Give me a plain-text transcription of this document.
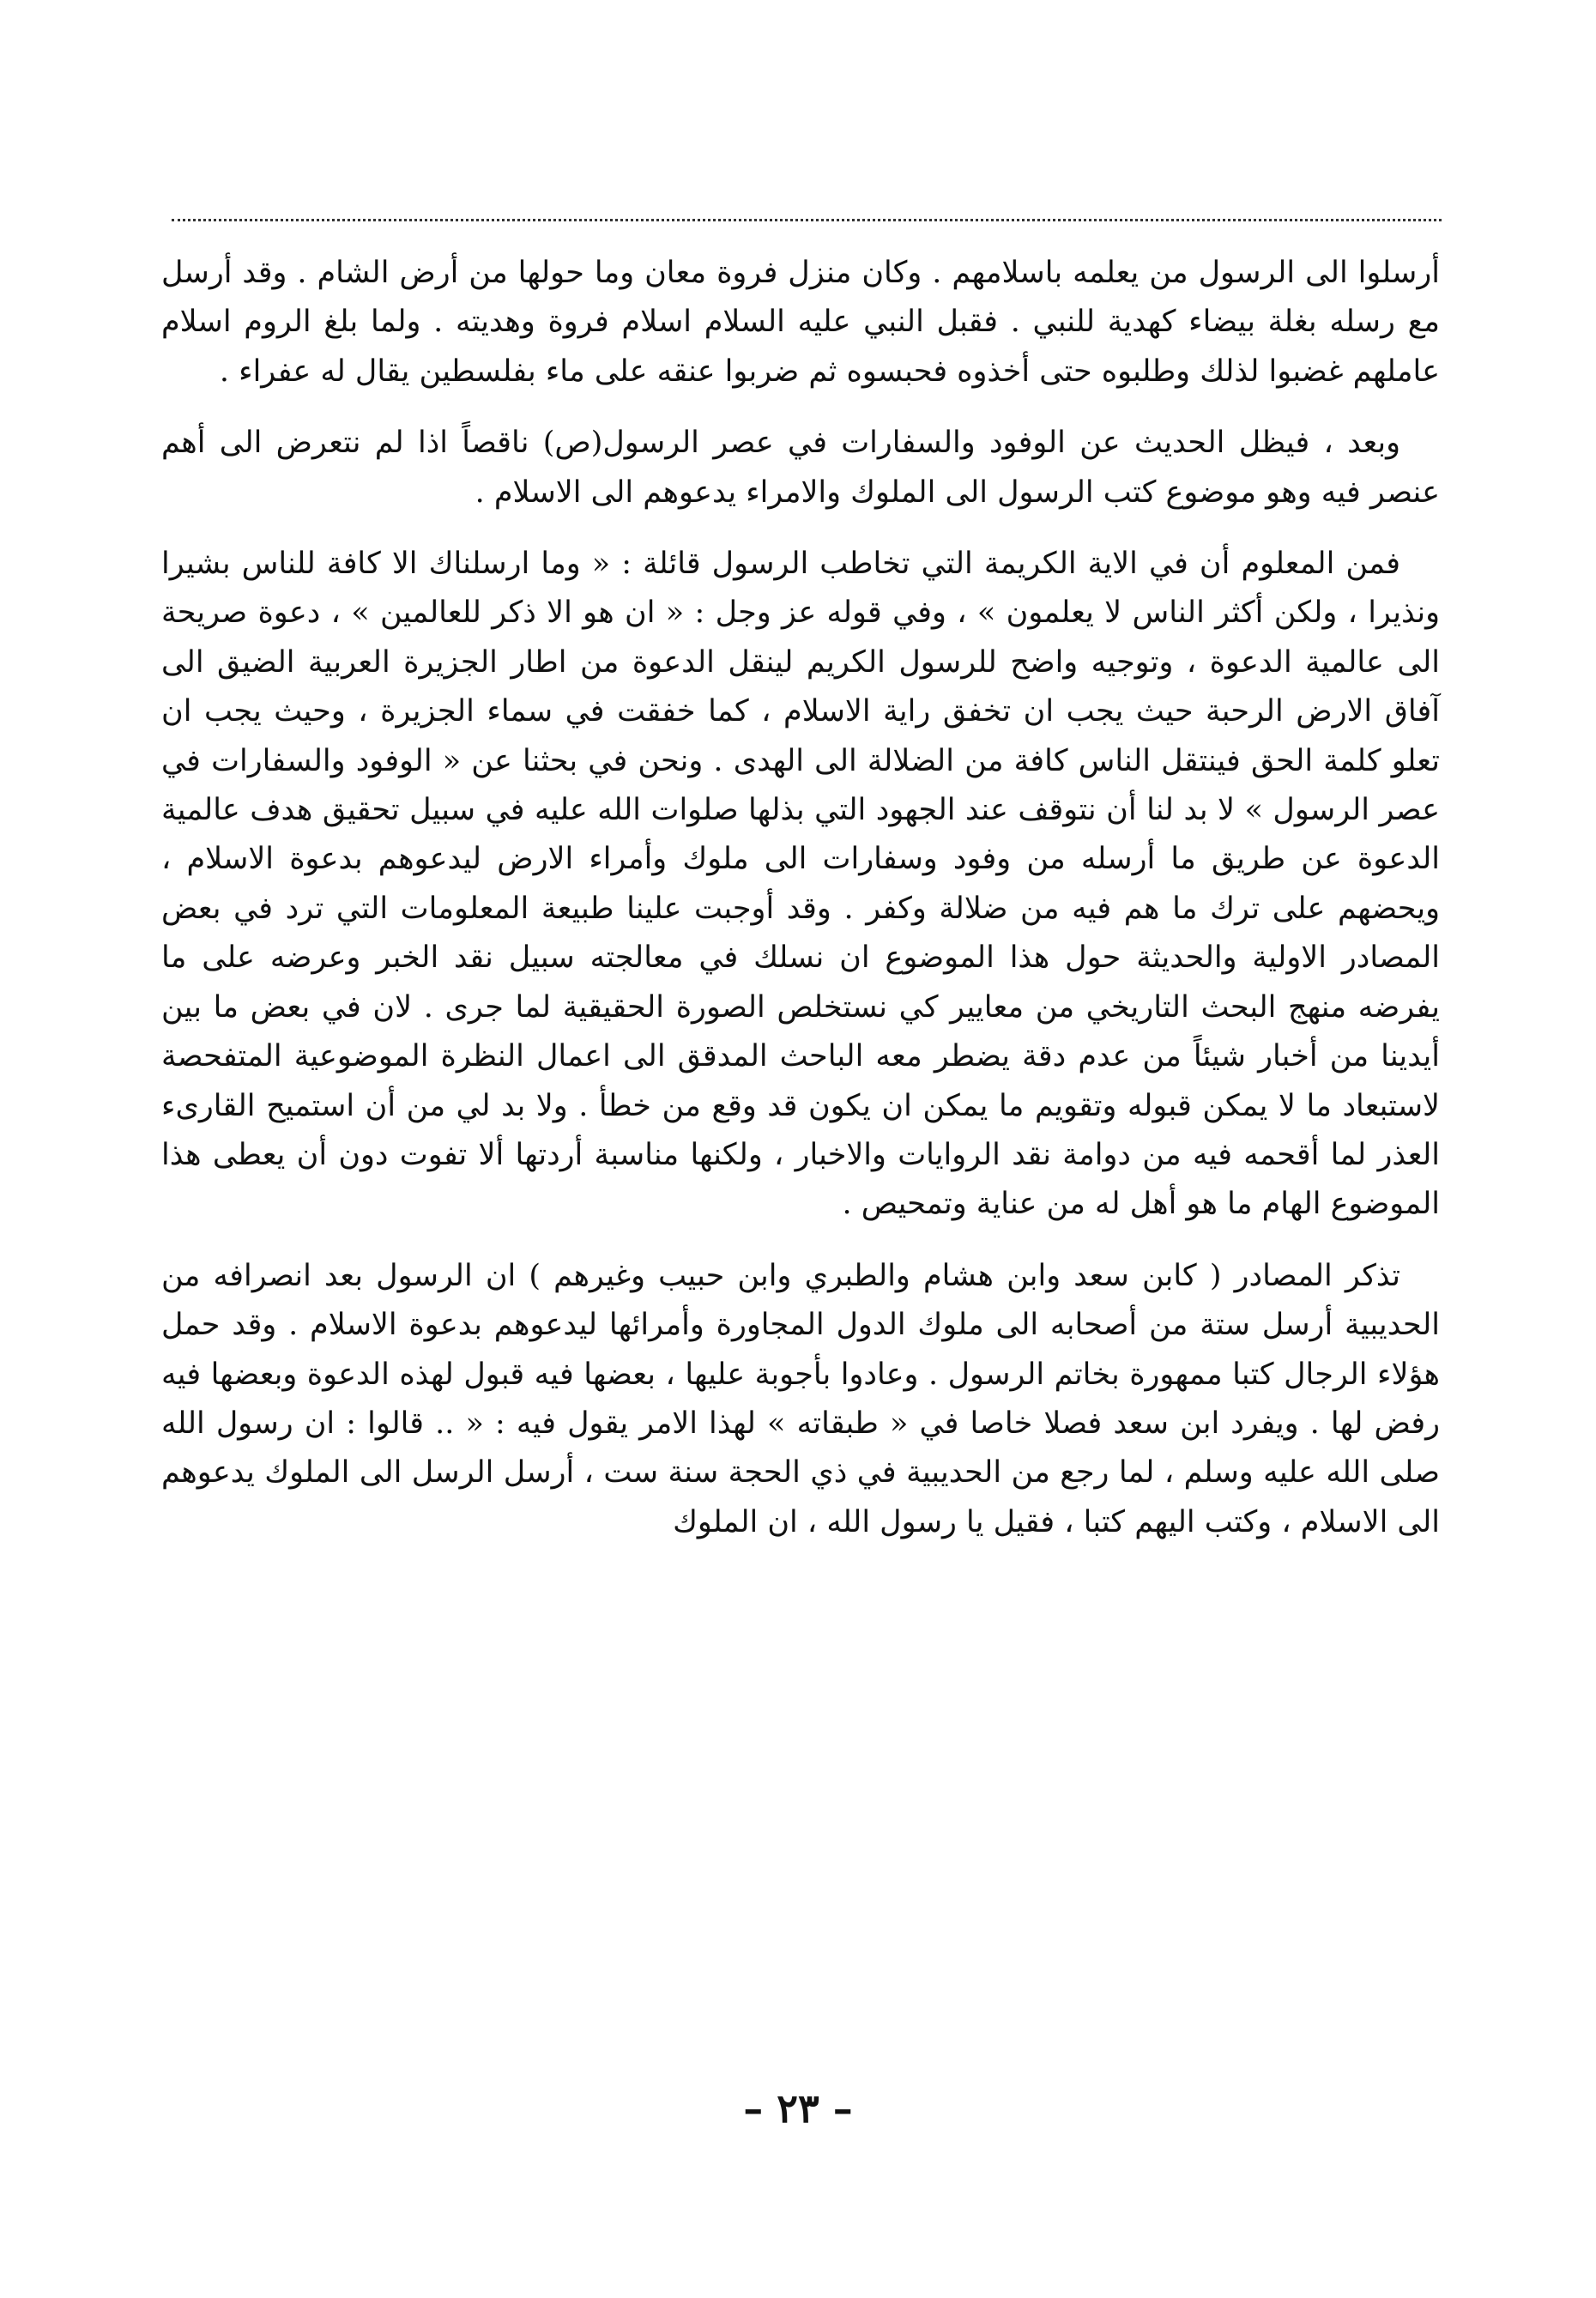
أرسلوا الى الرسول من يعلمه باسلامهم . وكان منزل فروة معان وما حولها من أرض الشام . وقد أرسل مع رسله بغلة بيضاء كهدية للنبي . فقبل النبي عليه السلام اسلام فروة وهديته . ولما بلغ الروم اسلام عاملهم غضبوا لذلك وطلبوه حتى أخذوه فحبسوه ثم ضربوا عنقه على ماء بفلسطين يقال له عفراء .

وبعد ، فيظل الحديث عن الوفود والسفارات في عصر الرسول(ص) ناقصاً اذا لم نتعرض الى أهم عنصر فيه وهو موضوع كتب الرسول الى الملوك والامراء يدعوهم الى الاسلام .

فمن المعلوم أن في الاية الكريمة التي تخاطب الرسول قائلة : « وما ارسلناك الا كافة للناس بشيرا ونذيرا ، ولكن أكثر الناس لا يعلمون » ، وفي قوله عز وجل : « ان هو الا ذكر للعالمين » ، دعوة صريحة الى عالمية الدعوة ، وتوجيه واضح للرسول الكريم لينقل الدعوة من اطار الجزيرة العربية الضيق الى آفاق الارض الرحبة حيث يجب ان تخفق راية الاسلام ، كما خفقت في سماء الجزيرة ، وحيث يجب ان تعلو كلمة الحق فينتقل الناس كافة من الضلالة الى الهدى . ونحن في بحثنا عن « الوفود والسفارات في عصر الرسول » لا بد لنا أن نتوقف عند الجهود التي بذلها صلوات الله عليه في سبيل تحقيق هدف عالمية الدعوة عن طريق ما أرسله من وفود وسفارات الى ملوك وأمراء الارض ليدعوهم بدعوة الاسلام ، ويحضهم على ترك ما هم فيه من ضلالة وكفر . وقد أوجبت علينا طبيعة المعلومات التي ترد في بعض المصادر الاولية والحديثة حول هذا الموضوع ان نسلك في معالجته سبيل نقد الخبر وعرضه على ما يفرضه منهج البحث التاريخي من معايير كي نستخلص الصورة الحقيقية لما جرى . لان في بعض ما بين أيدينا من أخبار شيئاً من عدم دقة يضطر معه الباحث المدقق الى اعمال النظرة الموضوعية المتفحصة لاستبعاد ما لا يمكن قبوله وتقويم ما يمكن ان يكون قد وقع من خطأ . ولا بد لي من أن استميح القارىء العذر لما أقحمه فيه من دوامة نقد الروايات والاخبار ، ولكنها مناسبة أردتها ألا تفوت دون أن يعطى هذا الموضوع الهام ما هو أهل له من عناية وتمحيص .

تذكر المصادر ( كابن سعد وابن هشام والطبري وابن حبيب وغيرهم ) ان الرسول بعد انصرافه من الحديبية أرسل ستة من أصحابه الى ملوك الدول المجاورة وأمرائها ليدعوهم بدعوة الاسلام . وقد حمل هؤلاء الرجال كتبا ممهورة بخاتم الرسول . وعادوا بأجوبة عليها ، بعضها فيه قبول لهذه الدعوة وبعضها فيه رفض لها . ويفرد ابن سعد فصلا خاصا في « طبقاته » لهذا الامر يقول فيه : « .. قالوا : ان رسول الله صلى الله عليه وسلم ، لما رجع من الحديبية في ذي الحجة سنة ست ، أرسل الرسل الى الملوك يدعوهم الى الاسلام ، وكتب اليهم كتبا ، فقيل يا رسول الله ، ان الملوك

– ٢٣ –
